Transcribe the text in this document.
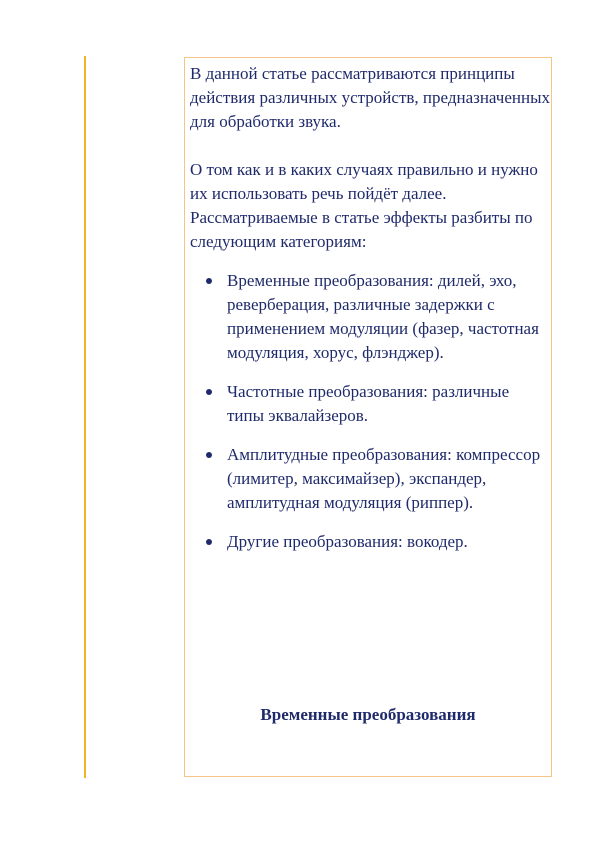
В данной статье рассматриваются принципы действия различных устройств, предназначенных для обработки звука.

О том как и в каких случаях правильно и нужно их использовать речь пойдёт далее.

Рассматриваемые в статье эффекты разбиты по следующим категориям:

Временные преобразования: дилей, эхо, реверберация, различные задержки с применением модуляции (фазер, частотная модуляция, хорус, флэнджер).
Частотные преобразования: различные типы эквалайзеров.
Амплитудные преобразования: компрессор (лимитер, максимайзер), экспандер, амплитудная модуляция (риппер).
Другие преобразования: вокодер.
Временные преобразования
